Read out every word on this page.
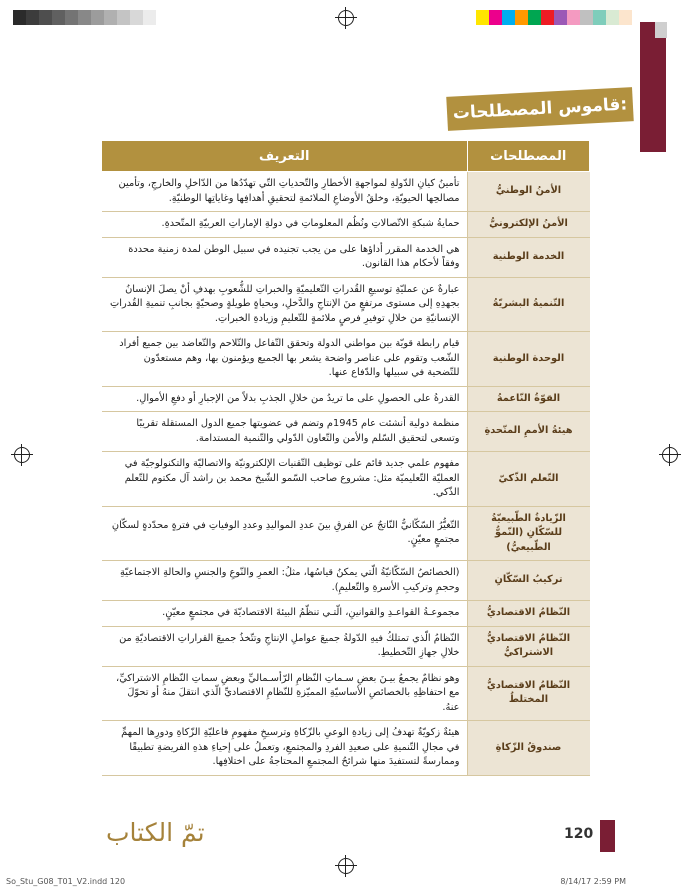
قاموس المصطلحات:
المصطلحات	التعريف
الأمنُ الوطنيُّ	تأمينُ كيانِ الدّولةِ لمواجهةِ الأخطارِ والتّحدياتِ التّي تهدّدُها من الدّاخلِ والخارجِ، وتأمين مصالحِها الحيويّةِ، وخلقُ الأوضاعِ الملائمةِ لتحقيقِ أهدافِها وغاياتِها الوطنيّةِ.
الأمنُ الإلكترونيُّ	حمايةُ شبكةِ الاتّصالاتِ ونُظُم المعلوماتِ في دولةِ الإماراتِ العربيّةِ المتّحدةِ.
الخدمة الوطنية	هي الخدمة المقرر أداؤها على من يجب تجنيده في سبيل الوطن لمدة زمنية محددة وفقاً لأحكام هذا القانون.
التّنميةُ البشريّةُ	عبارةٌ عن عمليّةِ توسيعِ القُدراتِ التّعليميّةِ والخبراتِ للشُّعوبِ بهدفِ أنْ يصلَ الإنسانُ بجهدِهِ إلى مستوى مرتفعٍ منَ الإنتاجِ والدَّخلِ، وبحياةٍ طويلةٍ وصحيّةٍ بجانبِ تنميةِ القُدراتِ الإنسانيّةِ من خلالِ توفيرِ فرصٍ ملائمةٍ للتّعليمِ وزيادةِ الخبراتِ.
الوحدة الوطنية	قيام رابطة قويّة بين مواطني الدولة وتحقق التّفاعل والتّلاحم والتّعاضد بين جميع أفراد الشّعب وتقوم على عناصر واضحة يشعر بها الجميع ويؤمنون بها، وهم مستعدّون للتّضحية في سبيلها والدّفاع عنها.
القوّةُ النّاعمةُ	القدرةُ على الحصولِ على ما تريدُ من خلالِ الجذبِ بدلاً من الإجبارِ أو دفعِ الأموالِ.
هيئةُ الأممِ المتّحدةِ	منظمة دولية أنشئت عام 1945م وتضم في عضويتها جميع الدول المستقلة تقريبًا وتسعى لتحقيق السّلم والأمن والتّعاون الدّولي والتّنمية المستدامة.
التّعلم الذّكيّ	مفهوم علمي جديد قائم على توظيف التّقنيات الإلكترونيّة والاتصاليّة والتكنولوجيّة في العمليّة التّعليميّة مثل: مشروع صاحب السّمو الشّيخ محمد بن راشد آل مكتوم للتّعلم الذّكي.
الزّيادةُ الطّبيعيّةُ للسّكّانِ (النّموُّ الطّبيعيُّ)	التّغيُّرُ السّكّانيُّ النّاتجُ عن الفرقِ بينَ عددِ المواليدِ وعددِ الوفياتِ في فترةٍ محدّدةٍ لسكّانِ مجتمعٍ معيّنٍ.
تركيبُ السّكّانِ	(الخصائصُ السّكّانيّةُ الّتي يمكنُ قياسُها، مثلُ: العمرِ والنّوعِ والجنسِ والحالةِ الاجتماعيّةِ وحجمِ وتركيبِ الأسرةِ والتّعليمِ).
النّظامُ الاقتصاديُّ	مجموعـةُ القواعـدِ والقوانينِ، الّتـي تنظّمُ البيئةَ الاقتصاديّةَ في مجتمعٍ معيّنٍ.
النّظامُ الاقتصاديُّ الاشتراكيُّ	النّظامُ الّذي تمتلكُ فيهِ الدّولةُ جميعَ عواملِ الإنتاجِ وتتّخذُ جميعَ القراراتِ الاقتصاديّةِ من خلالِ جهازِ التّخطيطِ.
النّظامُ الاقتصاديُّ المختلطُ	وهو نظامٌ يجمعُ بيـنَ بعضِ سـماتِ النّظامِ الرّأسـماليِّ وبعضِ سماتِ النّظامِ الاشتراكيِّ، مع احتفاظِهِ بالخصائصِ الأساسيّةِ المميّزةِ للنّظامِ الاقتصاديِّ الّذي انتقلَ منهُ أو تحوّلَ عنهُ.
صندوقُ الزّكاةِ	هيئةٌ زكويّةٌ تهدفُ إلى زيادةِ الوعيِ بالزّكاةِ وترسيخِ مفهومِ فاعليّةِ الزّكاةِ ودورِها المهمِّ في مجالِ التّنميةِ على صعيدِ الفردِ والمجتمعِ، وتعملُ على إحياءِ هذهِ الفريضةِ تطبيقًا وممارسةً لتستفيدَ منها شرائحُ المجتمعِ المحتاجةُ على اختلافِها.
تمّ الكتاب	120
So_Stu_G08_T01_V2.indd 120	8/14/17 2:59 PM
